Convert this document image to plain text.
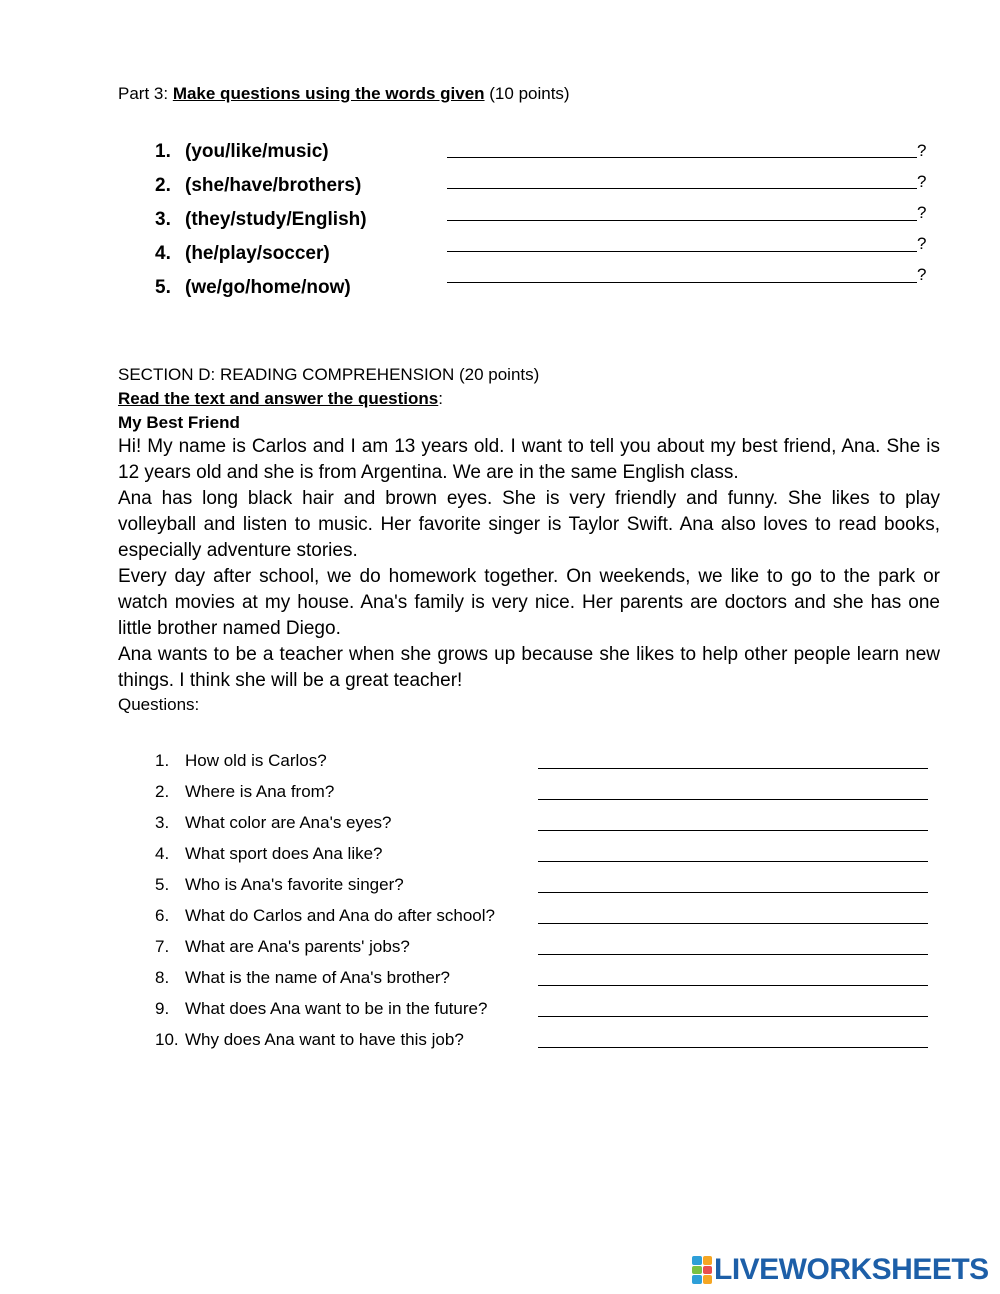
Part 3: Make questions using the words given (10 points)
1. (you/like/music)	?
2. (she/have/brothers)	?
3. (they/study/English)	?
4. (he/play/soccer)	?
5. (we/go/home/now)
?
SECTION D: READING COMPREHENSION (20 points)
Read the text and answer the questions:
My Best Friend

Hi! My name is Carlos and I am 13 years old. I want to tell you about my best friend, Ana. She is 12 years old and she is from Argentina. We are in the same English class.

Ana has long black hair and brown eyes. She is very friendly and funny. She likes to play volleyball and listen to music. Her favorite singer is Taylor Swift. Ana also loves to read books, especially adventure stories.

Every day after school, we do homework together. On weekends, we like to go to the park or watch movies at my house. Ana's family is very nice. Her parents are doctors and she has one little brother named Diego.

Ana wants to be a teacher when she grows up because she likes to help other people learn new things. I think she will be a great teacher!

Questions:
1. How old is Carlos?
2. Where is Ana from?
3. What color are Ana's eyes?
4. What sport does Ana like?
5. Who is Ana's favorite singer?
6. What do Carlos and Ana do after school?
7. What are Ana's parents' jobs?
8. What is the name of Ana's brother?
9. What does Ana want to be in the future?
10. Why does Ana want to have this job?
LIVEWORKSHEETS
